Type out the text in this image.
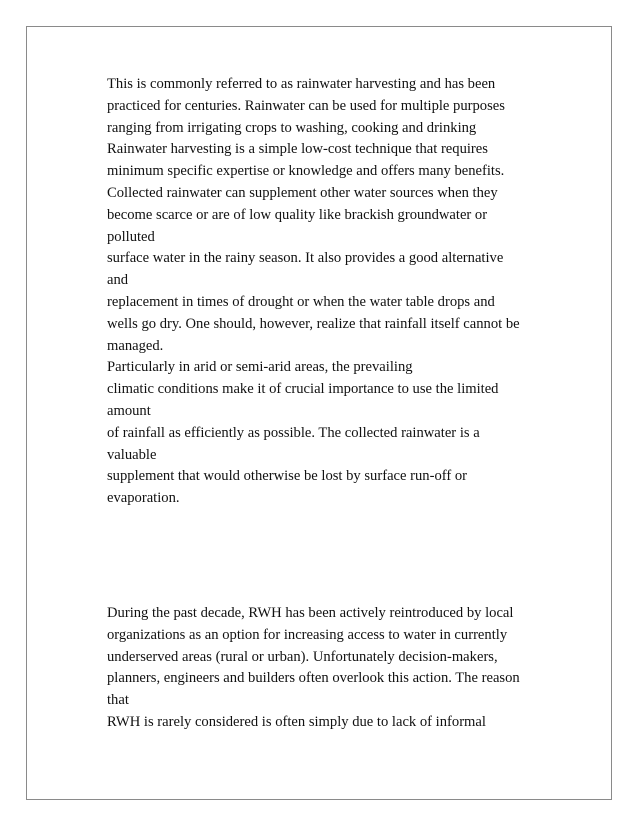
This is commonly referred to as rainwater harvesting and has been
practiced for centuries. Rainwater can be used for multiple purposes
ranging from irrigating crops to washing, cooking and drinking
Rainwater harvesting is a simple low-cost technique that requires
minimum specific expertise or knowledge and offers many benefits.
Collected rainwater can supplement other water sources when they
become scarce or are of low quality like brackish groundwater or
polluted
surface water in the rainy season. It also provides a good alternative
and
replacement in times of drought or when the water table drops and
wells go dry. One should, however, realize that rainfall itself cannot be
managed.
Particularly in arid or semi-arid areas, the prevailing
climatic conditions make it of crucial importance to use the limited
amount
of rainfall as efficiently as possible. The collected rainwater is a
valuable
supplement that would otherwise be lost by surface run-off or
evaporation.
During the past decade, RWH has been actively reintroduced by local
organizations as an option for increasing access to water in currently
underserved areas (rural or urban). Unfortunately decision-makers,
planners, engineers and builders often overlook this action. The reason
that
RWH is rarely considered is often simply due to lack of informal
